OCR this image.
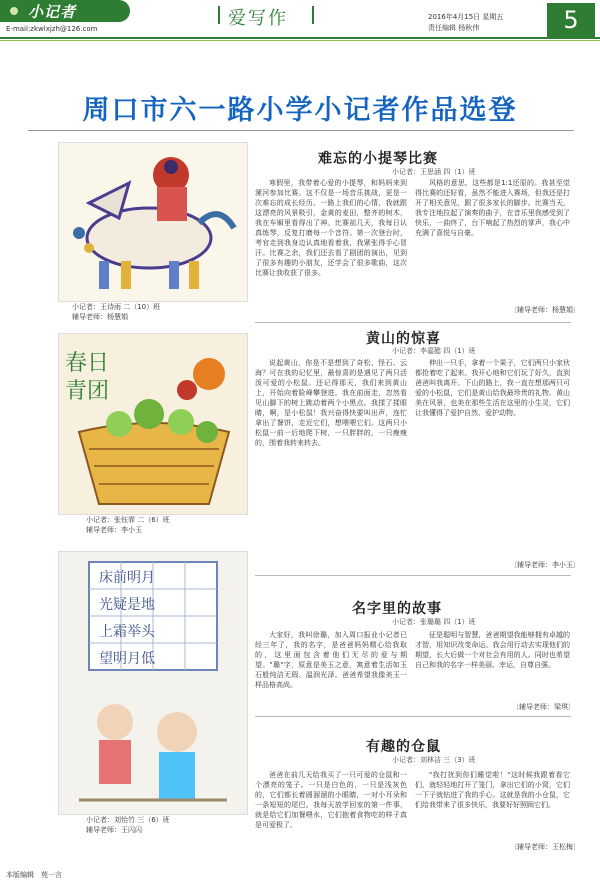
小记者
E-mail:zkwlxjzh@126.com	爱写作	2016年4月15日 星期五
责任编辑 杨秋伟	5
周口市六一路小学小记者作品选登
小记者：王诗雨 二（10）班
辅导老师：杨慧娟
春日
青团
小记者：张钰霏 二（6）班
辅导老师：李小玉
床前明月
光疑是地
上霜举头
望明月低
小记者：刘怡竹 三（6）班
辅导老师：王闪闪
难忘的小提琴比赛
小记者：王思涵 四（1）班
寒假里，我带着心爱的小提琴，和妈妈来到漯河参加比赛。这不仅是一场音乐挑战，更是一次难忘的成长经历。一路上我们的心情，我就跟这漂亮的风景吸引，金黄的麦田，整齐的树木，我在车厢里看得出了神。比赛前几天，我每日认真练琴，反复打磨每一个音符。第一次登台时，考官走到我身边认真地看着我，我紧张得手心冒汗。比赛之余，我们还去看了剧团的演出，见到了很多有趣的小朋友，还学会了很多歌曲，这次比赛让我收获了很多。
风格的意思，这些都是1:1还原的。我甚至觉得比赛的还好看，虽然不能进入赛场，但我还是打开了相关意见，跟了很多家长的脚步。比赛当天，我专注地拉起了演奏的曲子，在音乐里我感受到了快乐，一曲终了，台下响起了热烈的掌声，我心中充满了喜悦与自豪。
〔辅导老师：杨慧娟〕
黄山的惊喜
小记者：李嘉懿 四（1）班
说起黄山，你是不是想到了奇松、怪石、云海？可在我的记忆里，最惊喜的是遇见了两只活泼可爱的小松鼠。还记得那天，我们来到黄山上，开始向着险峰攀登进。我在前面走，忽然看见山脚下的树上跳动着两个小黑点。我揉了揉眼睛，啊，是小松鼠！我兴奋得快要叫出声，连忙拿出了餐饼，走近它们，想喂喂它们。这两只小松鼠一前一后地爬下树，一只胖胖的，一只瘦瘦的，围着我转来转去。
伸出一只手，拿着一个果子，它们两只小家伙都抢着吃了起来。我开心地和它们玩了好久，直到爸爸叫我离开。下山的路上，我一直在想那两只可爱的小松鼠，它们是黄山给我最珍贵的礼物。黄山美在风景，也美在那些生活在这里的小生灵，它们让我懂得了爱护自然、爱护动物。
〔辅导老师：李小玉〕
名字里的故事
小记者：张璐璐 四（1）班
大家好，我叫徐璐，加入周口报业小记者已经三年了，我的名字，是爸爸妈妈精心给我取的，这里面包含着他们无尽的爱与期望。"璐"字，原意是美玉之意，寓意着生活如玉石般纯洁无瑕、温润光泽。爸爸希望我像美玉一样品格高尚。
征是聪明与智慧，爸爸期望我能够拥有卓越的才智，用知识改变命运。我会用行动去实现他们的期望，长大后做一个对社会有用的人。同时也希望自己和我的名字一样美丽、幸运，自尊自强。
〔辅导老师：梁琪〕
有趣的仓鼠
小记者：刘林洁 三（3）班
爸爸在前几天给我买了一只可爱的仓鼠和一个漂亮的笼子。一只是白色的，一只是浅灰色的，它们都长着圆溜溜的小眼睛，一对小耳朵和一条短短的尾巴。我每天放学回家的第一件事，就是给它们加餐喂水，它们抱着食物吃的样子真是可爱极了。
"我打扰到你们睡觉啦！"这时候我跟着看它们，就轻轻地打开了笼门，拿出它们的小窝，它们一下子就钻进了我的手心。这就是我的小仓鼠，它们给我带来了很多快乐，我要好好照顾它们。
〔辅导老师：王松梅〕
本版编辑　苑一言
